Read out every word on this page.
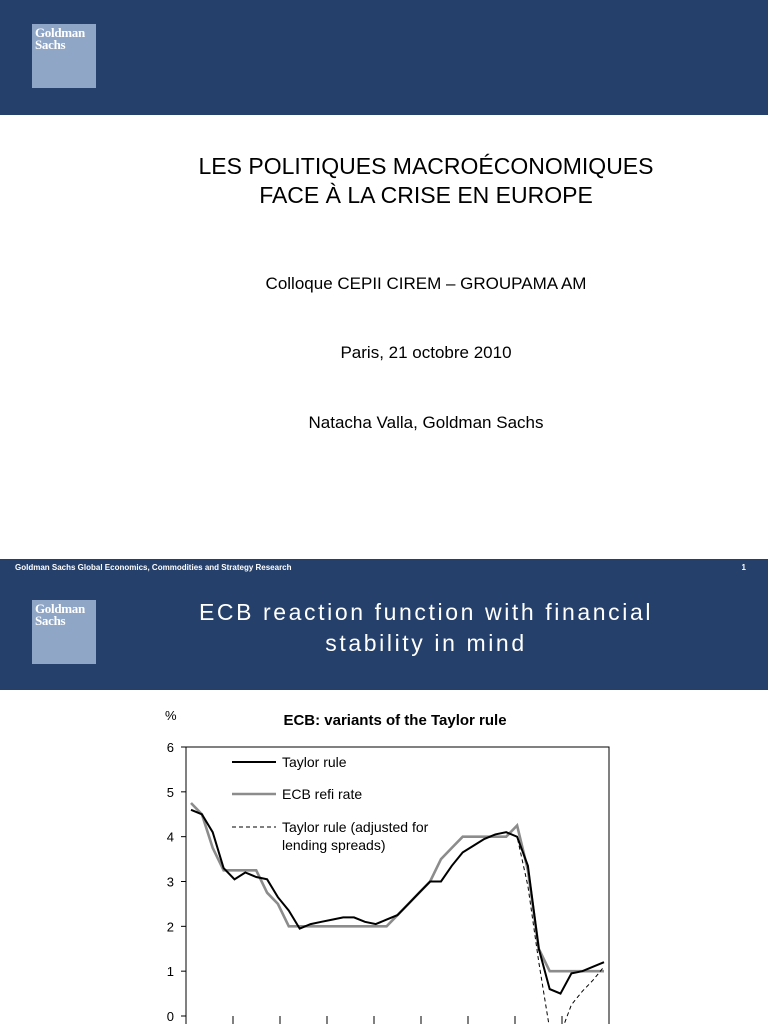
Goldman
Sachs
LES POLITIQUES MACROÉCONOMIQUES
FACE À LA CRISE EN EUROPE
Colloque CEPII CIREM – GROUPAMA AM
Paris, 21 octobre 2010
Natacha Valla, Goldman Sachs
Goldman Sachs Global Economics, Commodities and Strategy Research	1
Goldman
Sachs	ECB reaction function with financial
stability in mind
ECB: variants of the Taylor rule
%
0
1
2
3
4
5
6
Taylor rule
ECB refi rate
Taylor rule (adjusted for
lending spreads)
